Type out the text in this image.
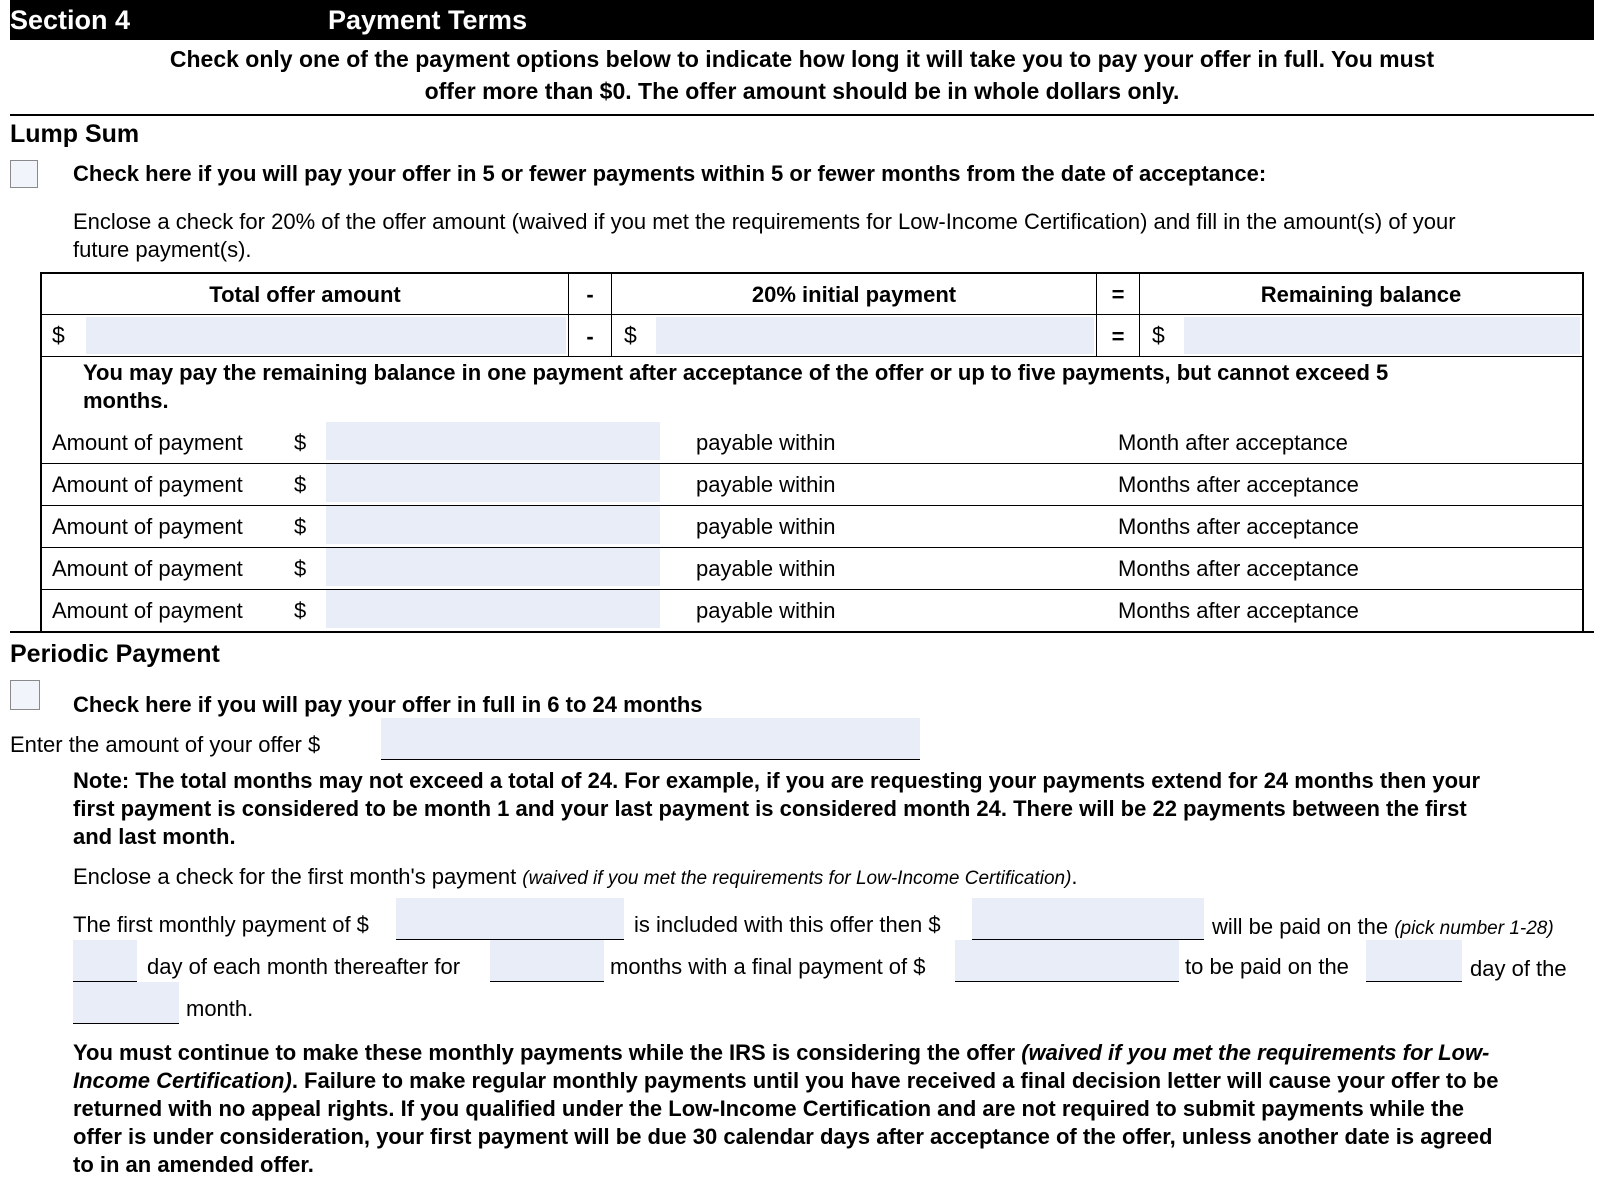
Section 4	Payment Terms
Check only one of the payment options below to indicate how long it will take you to pay your offer in full. You must
offer more than $0. The offer amount should be in whole dollars only.
Lump Sum
Check here if you will pay your offer in 5 or fewer payments within 5 or fewer months from the date of acceptance:
Enclose a check for 20% of the offer amount (waived if you met the requirements for Low-Income Certification) and fill in the amount(s) of your
future payment(s).
Total offer amount	-	20% initial payment	=	Remaining balance
$	-	$	=	$
You may pay the remaining balance in one payment after acceptance of the offer or up to five payments, but cannot exceed 5
months.
Amount of payment $	payable within	Month after acceptance
Amount of payment $	payable within	Months after acceptance
Amount of payment $	payable within	Months after acceptance
Amount of payment $	payable within	Months after acceptance
Amount of payment $	payable within	Months after acceptance
Periodic Payment
Check here if you will pay your offer in full in 6 to 24 months
Enter the amount of your offer $
Note: The total months may not exceed a total of 24. For example, if you are requesting your payments extend for 24 months then your
first payment is considered to be month 1 and your last payment is considered month 24. There will be 22 payments between the first
and last month.
Enclose a check for the first month's payment (waived if you met the requirements for Low-Income Certification).
The first monthly payment of $	is included with this offer then $	will be paid on the (pick number 1-28)
day of each month thereafter for	months with a final payment of $	to be paid on the	day of the
month.
You must continue to make these monthly payments while the IRS is considering the offer (waived if you met the requirements for Low-
Income Certification). Failure to make regular monthly payments until you have received a final decision letter will cause your offer to be
returned with no appeal rights. If you qualified under the Low-Income Certification and are not required to submit payments while the
offer is under consideration, your first payment will be due 30 calendar days after acceptance of the offer, unless another date is agreed
to in an amended offer.
